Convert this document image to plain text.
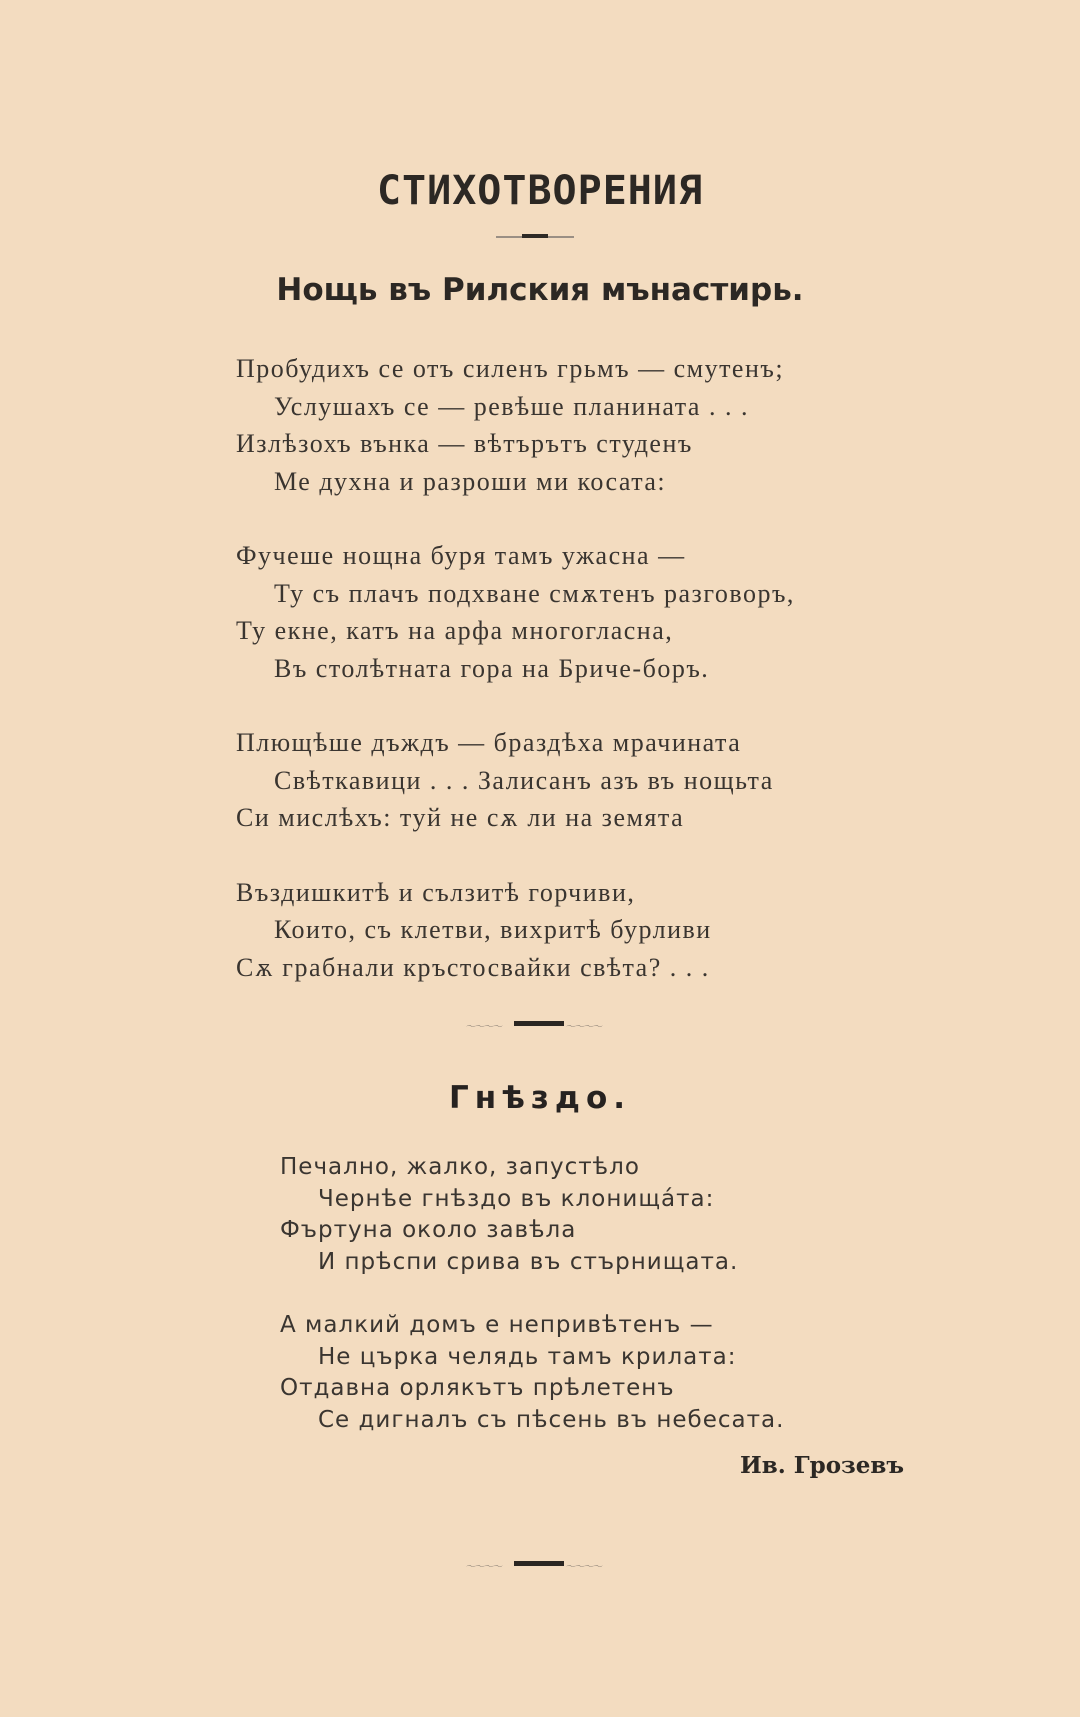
СТИХОТВОРЕНИЯ
Нощь въ Рилския мънастирь.
Пробудихъ се отъ силенъ грьмъ — смутенъ;
Услушахъ се — ревѣше планината . . .
Излѣзохъ вънка — вѣтърътъ студенъ
Ме духна и разроши ми косата:
Фучеше нощна буря тамъ ужасна —
Ту съ плачъ подхване смѫтенъ разговоръ,
Ту екне, катъ на арфа многогласна,
Въ столѣтната гора на Бриче-боръ.
Плющѣше дъждъ — браздѣха мрачината
Свѣткавици . . . Залисанъ азъ въ нощьта
Си мислѣхъ: туй не сѫ ли на земята
Въздишкитѣ и сълзитѣ горчиви,
Които, съ клетви, вихритѣ бурливи
Сѫ грабнали кръстосвайки свѣта? . . .
〜〜〜〜	〜〜〜〜
Гнѣздо.
Печално, жалко, запустѣло
Чернѣе гнѣздо въ клонищáта:
Фъртуна около завѣла
И прѣспи срива въ стърнищата.
А малкий домъ е непривѣтенъ —
Не църка челядь тамъ крилата:
Отдавна орлякътъ прѣлетенъ
Се дигналъ съ пѣсень въ небесата.
Ив. Грозевъ
〜〜〜〜	〜〜〜〜
